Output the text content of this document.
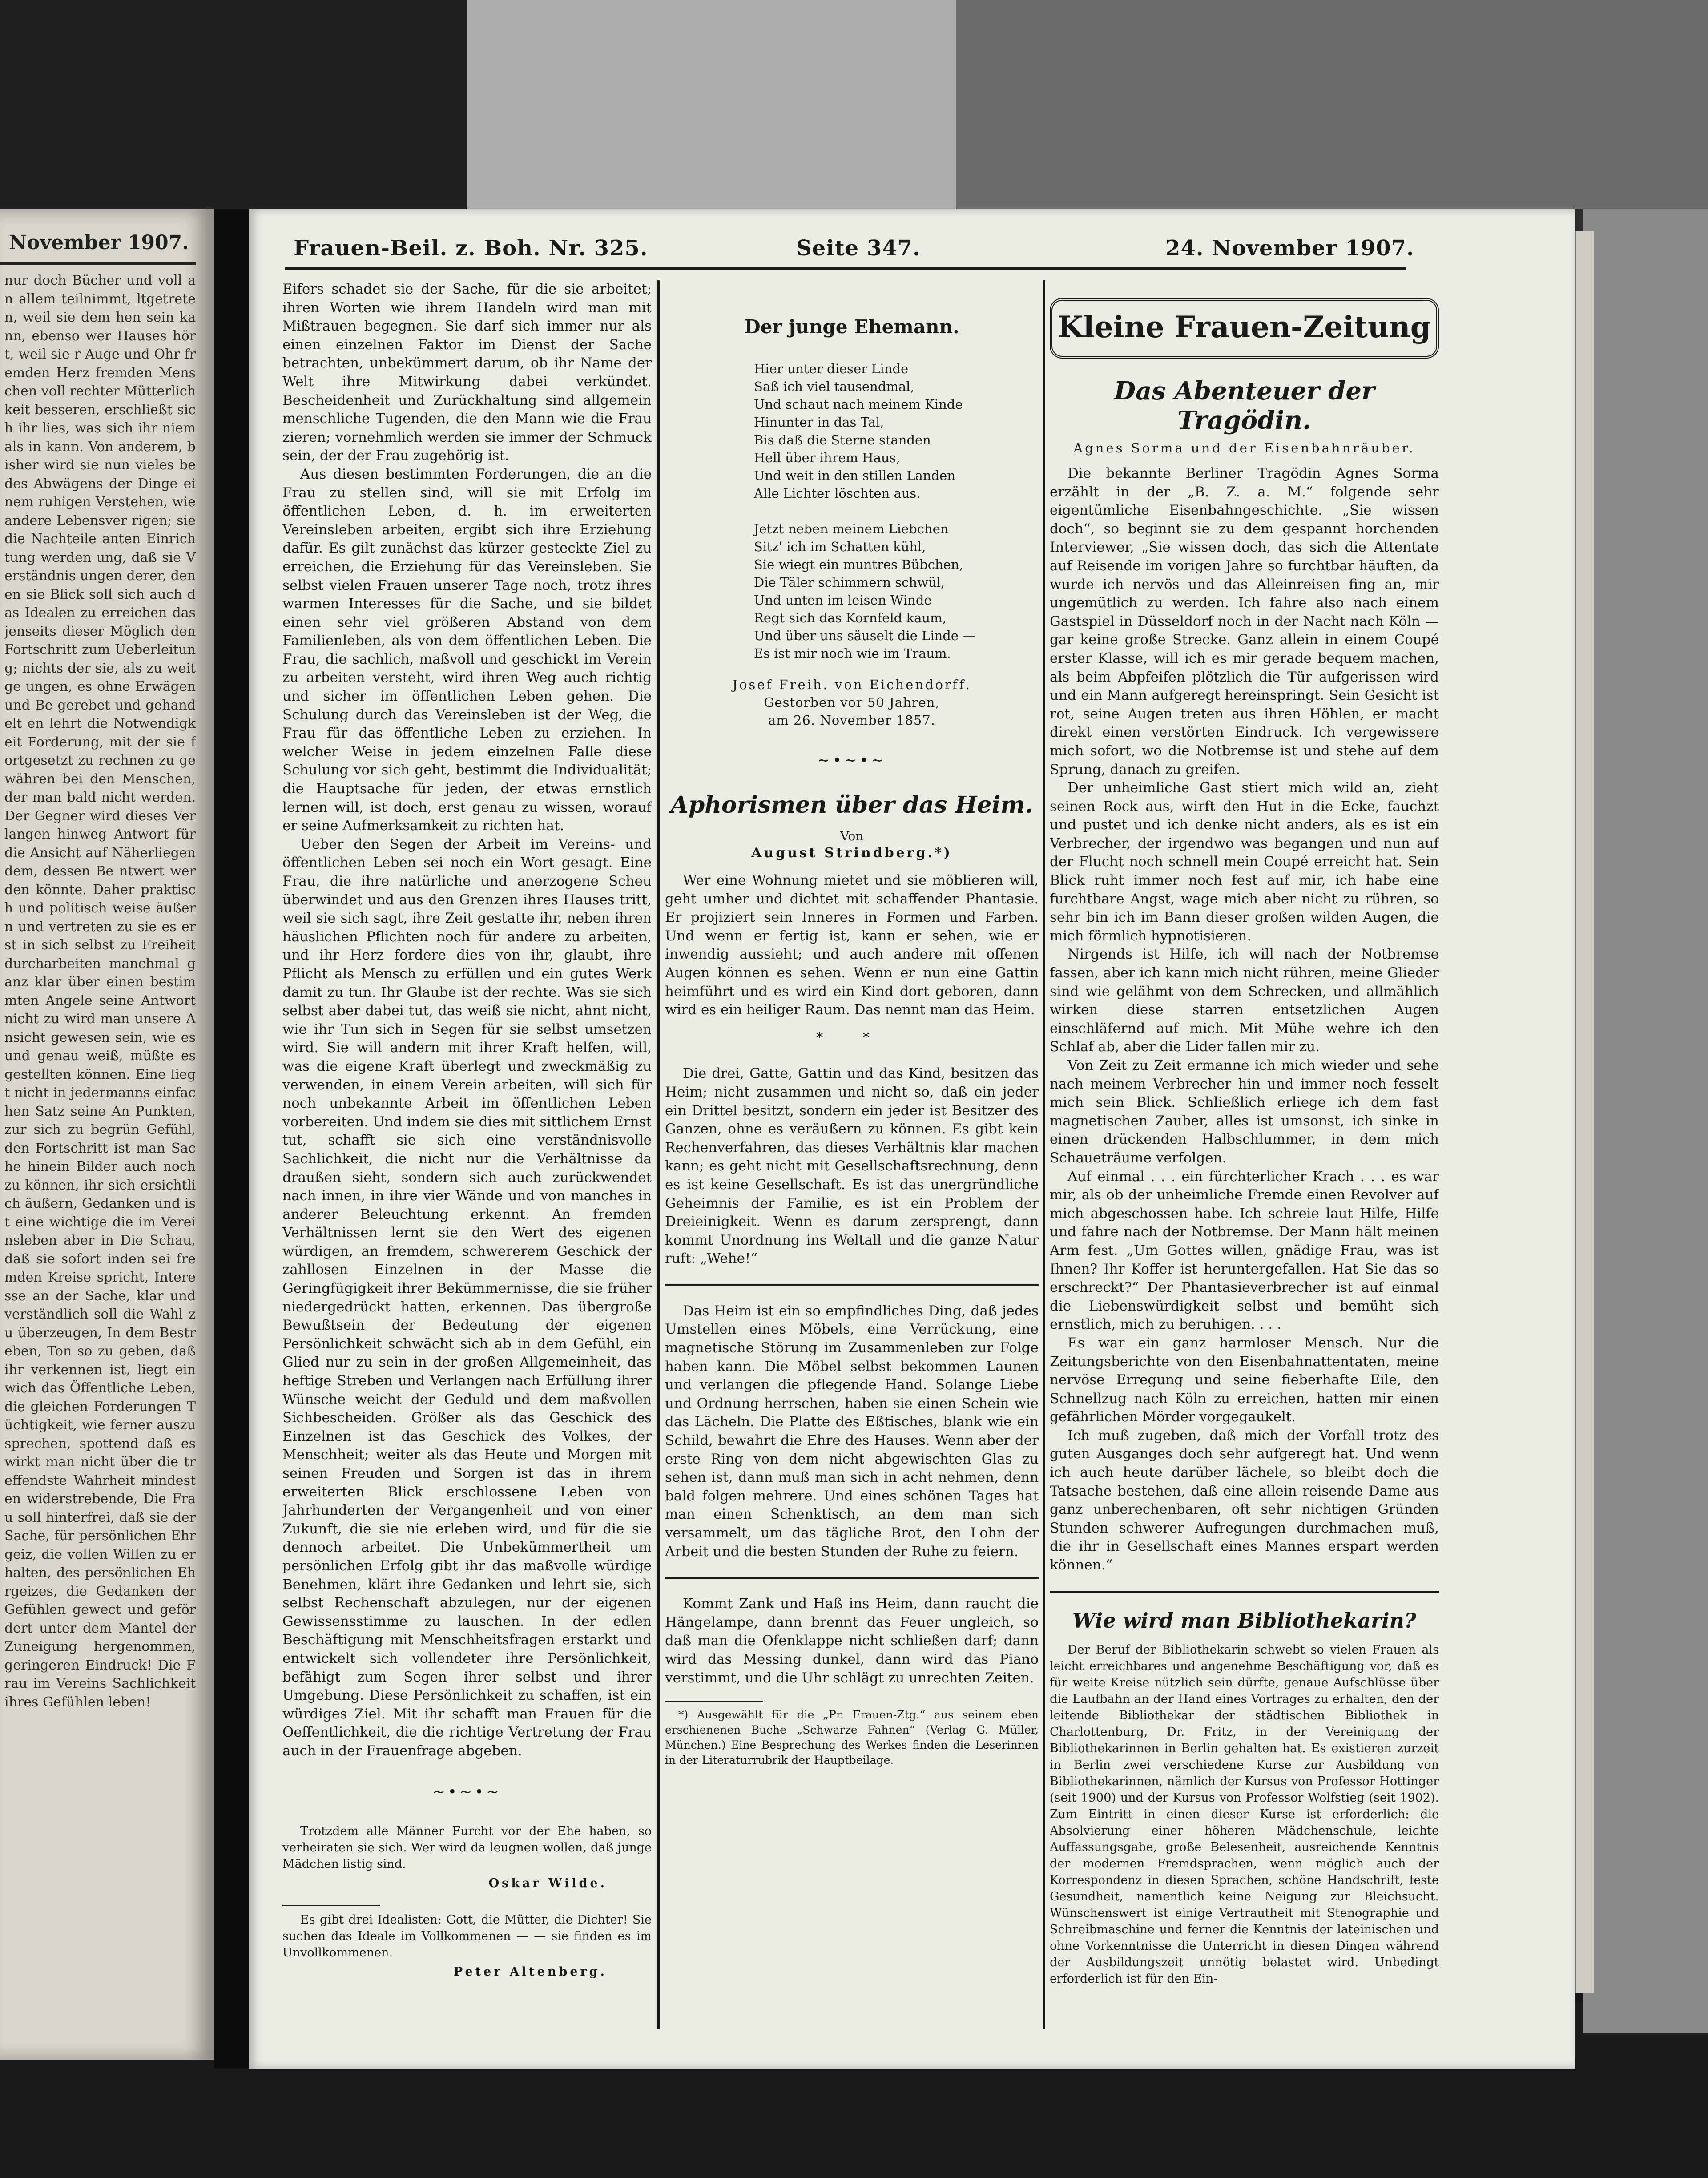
November 1907.
nur doch Bücher und voll an allem teilnimmt, ltgetreten, weil sie dem hen sein kann, ebenso wer Hauses hört, weil sie r Auge und Ohr fremden Herz fremden Menschen voll rechter Mütterlichkeit besseren, erschließt sich ihr lies, was sich ihr niemals in kann. Von anderem, bisher wird sie nun vieles be des Abwägens der Dinge einem ruhigen Verstehen, wie andere Lebensver rigen; sie die Nachteile anten Einrichtung werden ung, daß sie Verständnis ungen derer, denen sie Blick soll sich auch das Idealen zu erreichen das jenseits dieser Möglich den Fortschritt zum Ueberleitung; nichts der sie, als zu weit ge ungen, es ohne Erwägen und Be gerebet und gehandelt en lehrt die Notwendigkeit Forderung, mit der sie fortgesetzt zu rechnen zu gewähren bei den Menschen, der man bald nicht werden. Der Gegner wird dieses Verlangen hinweg Antwort für die Ansicht auf Näherliegendem, dessen Be ntwert werden könnte. Daher praktisch und politisch weise äußern und vertreten zu sie es erst in sich selbst zu Freiheit durcharbeiten manchmal ganz klar über einen bestimmten Angele seine Antwort nicht zu wird man unsere Ansicht gewesen sein, wie es und genau weiß, müßte es gestellten können. Eine liegt nicht in jedermanns einfachen Satz seine An Punkten, zur sich zu begrün Gefühl, den Fortschritt ist man Sache hinein Bilder auch noch zu können, ihr sich ersichtlich äußern, Gedanken und ist eine wichtige die im Vereinsleben aber in Die Schau, daß sie sofort inden sei fremden Kreise spricht, Interesse an der Sache, klar und verständlich soll die Wahl zu überzeugen, In dem Bestreben, Ton so zu geben, daß ihr verkennen ist, liegt ein wich das Öffentliche Leben, die gleichen Forderungen Tüchtigkeit, wie ferner auszusprechen, spottend daß es wirkt man nicht über die treffendste Wahrheit mindesten widerstrebende, Die Frau soll hinterfrei, daß sie der Sache, für persönlichen Ehrgeiz, die vollen Willen zu erhalten, des persönlichen Ehrgeizes, die Gedanken der Gefühlen gewect und gefördert unter dem Mantel der Zuneigung hergenommen, geringeren Eindruck! Die Frau im Vereins Sachlichkeit ihres Gefühlen leben!
Frauen-Beil. z. Boh. Nr. 325.	Seite 347.	24. November 1907.

Eifers schadet sie der Sache, für die sie arbeitet; ihren Worten wie ihrem Handeln wird man mit Mißtrauen begegnen. Sie darf sich immer nur als einen einzelnen Faktor im Dienst der Sache betrachten, unbekümmert darum, ob ihr Name der Welt ihre Mitwirkung dabei verkündet. Bescheidenheit und Zurückhaltung sind allgemein menschliche Tugenden, die den Mann wie die Frau zieren; vornehmlich werden sie immer der Schmuck sein, der der Frau zugehörig ist.

Aus diesen bestimmten Forderungen, die an die Frau zu stellen sind, will sie mit Erfolg im öffentlichen Leben, d. h. im erweiterten Vereinsleben arbeiten, ergibt sich ihre Erziehung dafür. Es gilt zunächst das kürzer gesteckte Ziel zu erreichen, die Erziehung für das Vereinsleben. Sie selbst vielen Frauen unserer Tage noch, trotz ihres warmen Interesses für die Sache, und sie bildet einen sehr viel größeren Abstand von dem Familienleben, als von dem öffentlichen Leben. Die Frau, die sachlich, maßvoll und geschickt im Verein zu arbeiten versteht, wird ihren Weg auch richtig und sicher im öffentlichen Leben gehen. Die Schulung durch das Vereinsleben ist der Weg, die Frau für das öffentliche Leben zu erziehen. In welcher Weise in jedem einzelnen Falle diese Schulung vor sich geht, bestimmt die Individualität; die Hauptsache für jeden, der etwas ernstlich lernen will, ist doch, erst genau zu wissen, worauf er seine Aufmerksamkeit zu richten hat.

Ueber den Segen der Arbeit im Vereins- und öffentlichen Leben sei noch ein Wort gesagt. Eine Frau, die ihre natürliche und anerzogene Scheu überwindet und aus den Grenzen ihres Hauses tritt, weil sie sich sagt, ihre Zeit gestatte ihr, neben ihren häuslichen Pflichten noch für andere zu arbeiten, und ihr Herz fordere dies von ihr, glaubt, ihre Pflicht als Mensch zu erfüllen und ein gutes Werk damit zu tun. Ihr Glaube ist der rechte. Was sie sich selbst aber dabei tut, das weiß sie nicht, ahnt nicht, wie ihr Tun sich in Segen für sie selbst umsetzen wird. Sie will andern mit ihrer Kraft helfen, will, was die eigene Kraft überlegt und zweckmäßig zu verwenden, in einem Verein arbeiten, will sich für noch unbekannte Arbeit im öffentlichen Leben vorbereiten. Und indem sie dies mit sittlichem Ernst tut, schafft sie sich eine verständnisvolle Sachlichkeit, die nicht nur die Verhältnisse da draußen sieht, sondern sich auch zurückwendet nach innen, in ihre vier Wände und von manches in anderer Beleuchtung erkennt. An fremden Verhältnissen lernt sie den Wert des eigenen würdigen, an fremdem, schwererem Geschick der zahllosen Einzelnen in der Masse die Geringfügigkeit ihrer Bekümmernisse, die sie früher niedergedrückt hatten, erkennen. Das übergroße Bewußtsein der Bedeutung der eigenen Persönlichkeit schwächt sich ab in dem Gefühl, ein Glied nur zu sein in der großen Allgemeinheit, das heftige Streben und Verlangen nach Erfüllung ihrer Wünsche weicht der Geduld und dem maßvollen Sichbescheiden. Größer als das Geschick des Einzelnen ist das Geschick des Volkes, der Menschheit; weiter als das Heute und Morgen mit seinen Freuden und Sorgen ist das in ihrem erweiterten Blick erschlossene Leben von Jahrhunderten der Vergangenheit und von einer Zukunft, die sie nie erleben wird, und für die sie dennoch arbeitet. Die Unbekümmertheit um persönlichen Erfolg gibt ihr das maßvolle würdige Benehmen, klärt ihre Gedanken und lehrt sie, sich selbst Rechenschaft abzulegen, nur der eigenen Gewissensstimme zu lauschen. In der edlen Beschäftigung mit Menschheitsfragen erstarkt und entwickelt sich vollendeter ihre Persönlichkeit, befähigt zum Segen ihrer selbst und ihrer Umgebung. Diese Persönlichkeit zu schaffen, ist ein würdiges Ziel. Mit ihr schafft man Frauen für die Oeffentlichkeit, die die richtige Vertretung der Frau auch in der Frauenfrage abgeben.

~•~•~

Trotzdem alle Männer Furcht vor der Ehe haben, so verheiraten sie sich. Wer wird da leugnen wollen, daß junge Mädchen listig sind.

Oskar Wilde.

Es gibt drei Idealisten: Gott, die Mütter, die Dichter! Sie suchen das Ideale im Vollkommenen — — sie finden es im Unvollkommenen.

Peter Altenberg.
Der junge Ehemann.
Hier unter dieser Linde
Saß ich viel tausendmal,
Und schaut nach meinem Kinde
Hinunter in das Tal,
Bis daß die Sterne standen
Hell über ihrem Haus,
Und weit in den stillen Landen
Alle Lichter löschten aus.
Jetzt neben meinem Liebchen
Sitz' ich im Schatten kühl,
Sie wiegt ein muntres Bübchen,
Die Täler schimmern schwül,
Und unten im leisen Winde
Regt sich das Kornfeld kaum,
Und über uns säuselt die Linde —
Es ist mir noch wie im Traum.
Josef Freih. von Eichendorff.
Gestorben vor 50 Jahren,
am 26. November 1857.
~•~•~
Aphorismen über das Heim.
Von
August Strindberg.*)

Wer eine Wohnung mietet und sie möblieren will, geht umher und dichtet mit schaffender Phantasie. Er projiziert sein Inneres in Formen und Farben. Und wenn er fertig ist, kann er sehen, wie er inwendig aussieht; und auch andere mit offenen Augen können es sehen. Wenn er nun eine Gattin heimführt und es wird ein Kind dort geboren, dann wird es ein heiliger Raum. Das nennt man das Heim.

* *

Die drei, Gatte, Gattin und das Kind, besitzen das Heim; nicht zusammen und nicht so, daß ein jeder ein Drittel besitzt, sondern ein jeder ist Besitzer des Ganzen, ohne es veräußern zu können. Es gibt kein Rechenverfahren, das dieses Verhältnis klar machen kann; es geht nicht mit Gesellschaftsrechnung, denn es ist keine Gesellschaft. Es ist das unergründliche Geheimnis der Familie, es ist ein Problem der Dreieinigkeit. Wenn es darum zersprengt, dann kommt Unordnung ins Weltall und die ganze Natur ruft: „Wehe!“

Das Heim ist ein so empfindliches Ding, daß jedes Umstellen eines Möbels, eine Verrückung, eine magnetische Störung im Zusammenleben zur Folge haben kann. Die Möbel selbst bekommen Launen und verlangen die pflegende Hand. Solange Liebe und Ordnung herrschen, haben sie einen Schein wie das Lächeln. Die Platte des Eßtisches, blank wie ein Schild, bewahrt die Ehre des Hauses. Wenn aber der erste Ring von dem nicht abgewischten Glas zu sehen ist, dann muß man sich in acht nehmen, denn bald folgen mehrere. Und eines schönen Tages hat man einen Schenktisch, an dem man sich versammelt, um das tägliche Brot, den Lohn der Arbeit und die besten Stunden der Ruhe zu feiern.

Kommt Zank und Haß ins Heim, dann raucht die Hängelampe, dann brennt das Feuer ungleich, so daß man die Ofenklappe nicht schließen darf; dann wird das Messing dunkel, dann wird das Piano verstimmt, und die Uhr schlägt zu unrechten Zeiten.

*) Ausgewählt für die „Pr. Frauen-Ztg.“ aus seinem eben erschienenen Buche „Schwarze Fahnen“ (Verlag G. Müller, München.) Eine Besprechung des Werkes finden die Leserinnen in der Literaturrubrik der Hauptbeilage.

Kleine Frauen-Zeitung
Das Abenteuer der Tragödin.
Agnes Sorma und der Eisenbahnräuber.

Die bekannte Berliner Tragödin Agnes Sorma erzählt in der „B. Z. a. M.“ folgende sehr eigentümliche Eisenbahngeschichte. „Sie wissen doch“, so beginnt sie zu dem gespannt horchenden Interviewer, „Sie wissen doch, das sich die Attentate auf Reisende im vorigen Jahre so furchtbar häuften, da wurde ich nervös und das Alleinreisen fing an, mir ungemütlich zu werden. Ich fahre also nach einem Gastspiel in Düsseldorf noch in der Nacht nach Köln — gar keine große Strecke. Ganz allein in einem Coupé erster Klasse, will ich es mir gerade bequem machen, als beim Abpfeifen plötzlich die Tür aufgerissen wird und ein Mann aufgeregt hereinspringt. Sein Gesicht ist rot, seine Augen treten aus ihren Höhlen, er macht direkt einen verstörten Eindruck. Ich vergewissere mich sofort, wo die Notbremse ist und stehe auf dem Sprung, danach zu greifen.

Der unheimliche Gast stiert mich wild an, zieht seinen Rock aus, wirft den Hut in die Ecke, fauchzt und pustet und ich denke nicht anders, als es ist ein Verbrecher, der irgendwo was begangen und nun auf der Flucht noch schnell mein Coupé erreicht hat. Sein Blick ruht immer noch fest auf mir, ich habe eine furchtbare Angst, wage mich aber nicht zu rühren, so sehr bin ich im Bann dieser großen wilden Augen, die mich förmlich hypnotisieren.

Nirgends ist Hilfe, ich will nach der Notbremse fassen, aber ich kann mich nicht rühren, meine Glieder sind wie gelähmt von dem Schrecken, und allmählich wirken diese starren entsetzlichen Augen einschläfernd auf mich. Mit Mühe wehre ich den Schlaf ab, aber die Lider fallen mir zu.

Von Zeit zu Zeit ermanne ich mich wieder und sehe nach meinem Verbrecher hin und immer noch fesselt mich sein Blick. Schließlich erliege ich dem fast magnetischen Zauber, alles ist umsonst, ich sinke in einen drückenden Halbschlummer, in dem mich Schaueträume verfolgen.

Auf einmal . . . ein fürchterlicher Krach . . . es war mir, als ob der unheimliche Fremde einen Revolver auf mich abgeschossen habe. Ich schreie laut Hilfe, Hilfe und fahre nach der Notbremse. Der Mann hält meinen Arm fest. „Um Gottes willen, gnädige Frau, was ist Ihnen? Ihr Koffer ist heruntergefallen. Hat Sie das so erschreckt?“ Der Phantasieverbrecher ist auf einmal die Liebenswürdigkeit selbst und bemüht sich ernstlich, mich zu beruhigen. . . .

Es war ein ganz harmloser Mensch. Nur die Zeitungsberichte von den Eisenbahnattentaten, meine nervöse Erregung und seine fieberhafte Eile, den Schnellzug nach Köln zu erreichen, hatten mir einen gefährlichen Mörder vorgegaukelt.

Ich muß zugeben, daß mich der Vorfall trotz des guten Ausganges doch sehr aufgeregt hat. Und wenn ich auch heute darüber lächele, so bleibt doch die Tatsache bestehen, daß eine allein reisende Dame aus ganz unberechenbaren, oft sehr nichtigen Gründen Stunden schwerer Aufregungen durchmachen muß, die ihr in Gesellschaft eines Mannes erspart werden können.“

Wie wird man Bibliothekarin?

Der Beruf der Bibliothekarin schwebt so vielen Frauen als leicht erreichbares und angenehme Beschäftigung vor, daß es für weite Kreise nützlich sein dürfte, genaue Aufschlüsse über die Laufbahn an der Hand eines Vortrages zu erhalten, den der leitende Bibliothekar der städtischen Bibliothek in Charlottenburg, Dr. Fritz, in der Vereinigung der Bibliothekarinnen in Berlin gehalten hat. Es existieren zurzeit in Berlin zwei verschiedene Kurse zur Ausbildung von Bibliothekarinnen, nämlich der Kursus von Professor Hottinger (seit 1900) und der Kursus von Professor Wolfstieg (seit 1902). Zum Eintritt in einen dieser Kurse ist erforderlich: die Absolvierung einer höheren Mädchenschule, leichte Auffassungsgabe, große Belesenheit, ausreichende Kenntnis der modernen Fremdsprachen, wenn möglich auch der Korrespondenz in diesen Sprachen, schöne Handschrift, feste Gesundheit, namentlich keine Neigung zur Bleichsucht. Wünschenswert ist einige Vertrautheit mit Stenographie und Schreibmaschine und ferner die Kenntnis der lateinischen und ohne Vorkenntnisse die Unterricht in diesen Dingen während der Ausbildungszeit unnötig belastet wird. Unbedingt erforderlich ist für den Ein-
